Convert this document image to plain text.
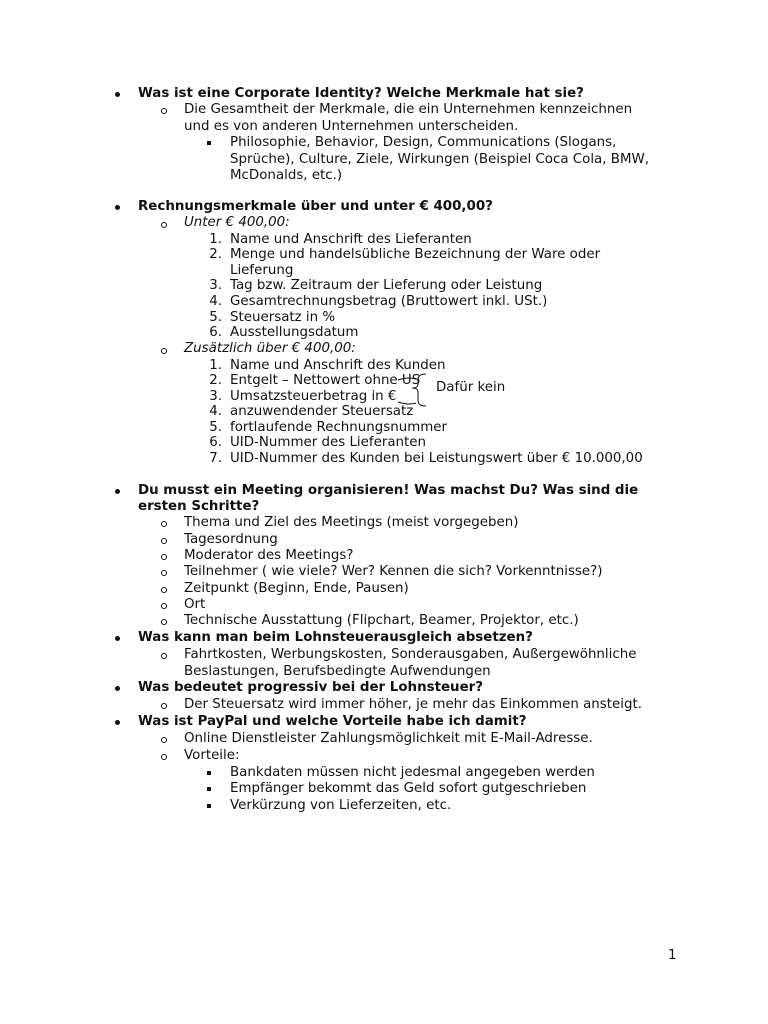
Was ist eine Corporate Identity? Welche Merkmale hat sie?
Die Gesamtheit der Merkmale, die ein Unternehmen kennzeichnen
und es von anderen Unternehmen unterscheiden.
Philosophie, Behavior, Design, Communications (Slogans,
Sprüche), Culture, Ziele, Wirkungen (Beispiel Coca Cola, BMW,
McDonalds, etc.)
Rechnungsmerkmale über und unter € 400,00?
Unter € 400,00:
1. Name und Anschrift des Lieferanten
2. Menge und handelsübliche Bezeichnung der Ware oder
Lieferung
3. Tag bzw. Zeitraum der Lieferung oder Leistung
4. Gesamtrechnungsbetrag (Bruttowert inkl. USt.)
5. Steuersatz in %
6. Ausstellungsdatum
Zusätzlich über € 400,00:
1. Name und Anschrift des Kunden
2. Entgelt – Nettowert ohne US
3. Umsatzsteuerbetrag in €
4. anzuwendender Steuersatz
5. fortlaufende Rechnungsnummer
6. UID-Nummer des Lieferanten
7. UID-Nummer des Kunden bei Leistungswert über € 10.000,00
Dafür kein
Du musst ein Meeting organisieren! Was machst Du? Was sind die
ersten Schritte?
Thema und Ziel des Meetings (meist vorgegeben)
Tagesordnung
Moderator des Meetings?
Teilnehmer ( wie viele? Wer? Kennen die sich? Vorkenntnisse?)
Zeitpunkt (Beginn, Ende, Pausen)
Ort
Technische Ausstattung (Flipchart, Beamer, Projektor, etc.)
Was kann man beim Lohnsteuerausgleich absetzen?
Fahrtkosten, Werbungskosten, Sonderausgaben, Außergewöhnliche
Beslastungen, Berufsbedingte Aufwendungen
Was bedeutet progressiv bei der Lohnsteuer?
Der Steuersatz wird immer höher, je mehr das Einkommen ansteigt.
Was ist PayPal und welche Vorteile habe ich damit?
Online Dienstleister Zahlungsmöglichkeit mit E-Mail-Adresse.
Vorteile:
Bankdaten müssen nicht jedesmal angegeben werden
Empfänger bekommt das Geld sofort gutgeschrieben
Verkürzung von Lieferzeiten, etc.
1
